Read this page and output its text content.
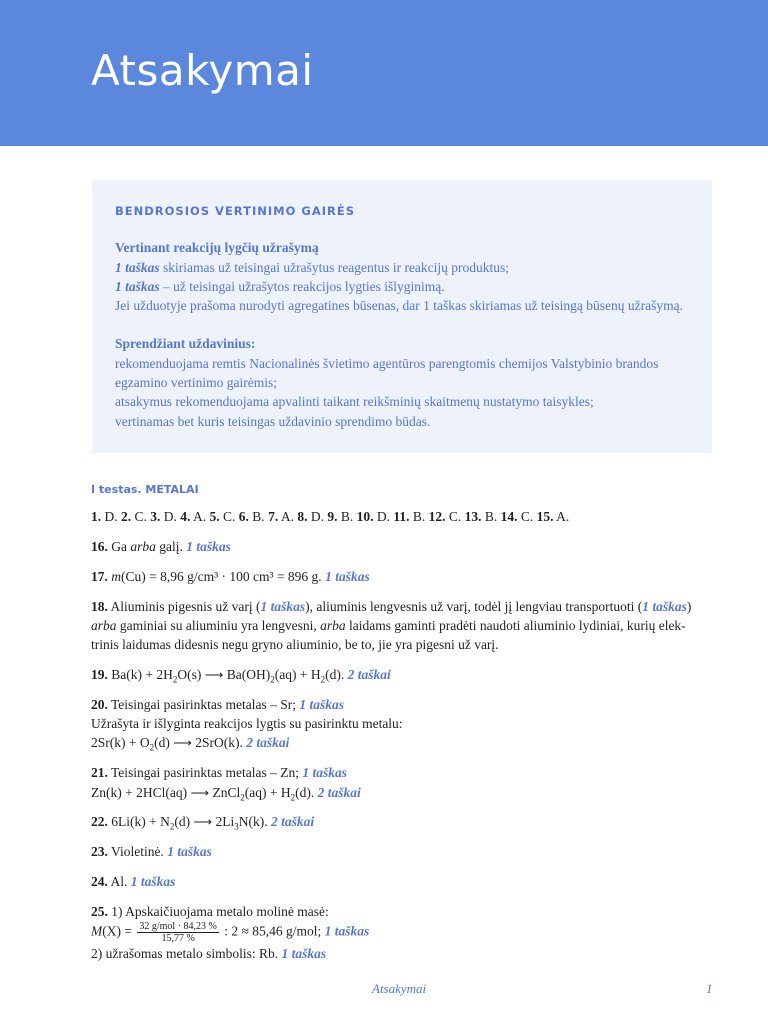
Atsakymai
BENDROSIOS VERTINIMO GAIRĖS
Vertinant reakcijų lygčių užrašymą
1 taškas skiriamas už teisingai užrašytus reagentus ir reakcijų produktus;
1 taškas – už teisingai užrašytos reakcijos lygties išlyginimą.
Jei užduotyje prašoma nurodyti agregatines būsenas, dar 1 taškas skiriamas už teisingą būsenų užrašymą.
Sprendžiant uždavinius:
rekomenduojama remtis Nacionalinės švietimo agentūros parengtomis chemijos Valstybinio brandos egzamino vertinimo gairėmis;
atsakymus rekomenduojama apvalinti taikant reikšminių skaitmenų nustatymo taisykles;
vertinamas bet kuris teisingas uždavinio sprendimo būdas.
I testas. METALAI
1. D. 2. C. 3. D. 4. A. 5. C. 6. B. 7. A. 8. D. 9. B. 10. D. 11. B. 12. C. 13. B. 14. C. 15. A.
16. Ga arba galį. 1 taškas
17. m(Cu) = 8,96 g/cm³ · 100 cm³ = 896 g. 1 taškas
18. Aliuminis pigesnis už varį (1 taškas), aliuminis lengvesnis už varį, todėl jį lengviau transportuoti (1 taškas)
arba gaminiai su aliuminiu yra lengvesni, arba laidams gaminti pradėti naudoti aliuminio lydiniai, kurių elek-
trinis laidumas didesnis negu gryno aliuminio, be to, jie yra pigesni už varį.
19. $Ba(k) + 2H_2O(s)$ ⟶ $Ba(OH)_2(aq) + H_2(d)$. 2 taškai
20. Teisingai pasirinktas metalas – Sr; 1 taškas
Užrašyta ir išlyginta reakcijos lygtis su pasirinktu metalu:
$2Sr(k) + O_2(d)$ ⟶ 2SrO(k). 2 taškai
21. Teisingai pasirinktas metalas – Zn; 1 taškas
Zn(k) + 2HCl(aq) ⟶ ZnCl$_2$(aq) + $H_2(d)$. 2 taškai
22. $6Li(k) + N_2(d)$ ⟶ $2Li_3N(k)$. 2 taškai
23. Violetinė. 1 taškas
24. Al. 1 taškas
25. 1) Apskaičiuojama metalo molinė masė:
$M(X) = \frac{\text{32 g/mol · 84,23 \%}}{15,77 \%}$ : 2 ≈ 85,46 g/mol; 1 taškas
2) užrašomas metalo simbolis: Rb. 1 taškas
Atsakymai	1
